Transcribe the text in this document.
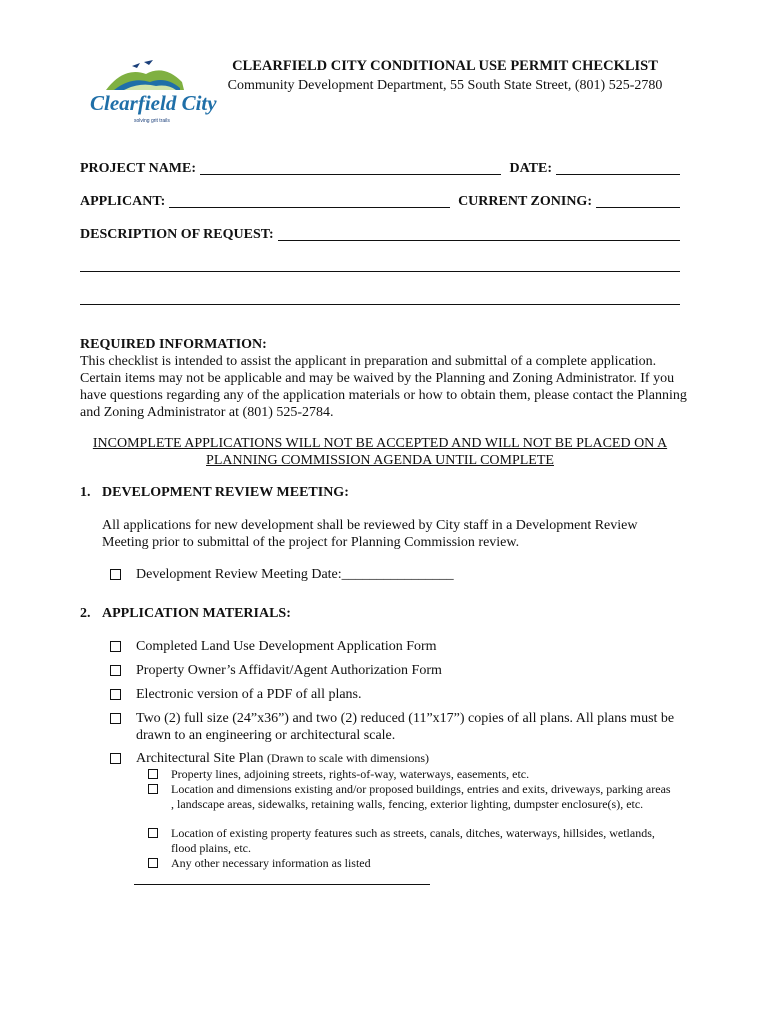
Clearfield City
solving grit trails
CLEARFIELD CITY CONDITIONAL USE PERMIT CHECKLIST
Community Development Department, 55 South State Street, (801) 525-2780
PROJECT NAME:	DATE:
APPLICANT:	CURRENT ZONING:
DESCRIPTION OF REQUEST:
REQUIRED INFORMATION:
This checklist is intended to assist the applicant in preparation and submittal of a complete application. Certain items may not be applicable and may be waived by the Planning and Zoning Administrator. If you have questions regarding any of the application materials or how to obtain them, please contact the Planning and Zoning Administrator at (801) 525-2784.
INCOMPLETE APPLICATIONS WILL NOT BE ACCEPTED AND WILL NOT BE PLACED ON A PLANNING COMMISSION AGENDA UNTIL COMPLETE
1. DEVELOPMENT REVIEW MEETING:
All applications for new development shall be reviewed by City staff in a Development Review Meeting prior to submittal of the project for Planning Commission review.
Development Review Meeting Date:________________
2. APPLICATION MATERIALS:
Completed Land Use Development Application Form
Property Owner’s Affidavit/Agent Authorization Form
Electronic version of a PDF of all plans.
Two (2) full size (24”x36”) and two (2) reduced (11”x17”) copies of all plans. All plans must be drawn to an engineering or architectural scale.
Architectural Site Plan (Drawn to scale with dimensions)
Property lines, adjoining streets, rights-of-way, waterways, easements, etc.
Location and dimensions existing and/or proposed buildings, entries and exits, driveways, parking areas , landscape areas, sidewalks, retaining walls, fencing, exterior lighting, dumpster enclosure(s), etc.
Location of existing property features such as streets, canals, ditches, waterways, hillsides, wetlands, flood plains, etc.
Any other necessary information as listed
